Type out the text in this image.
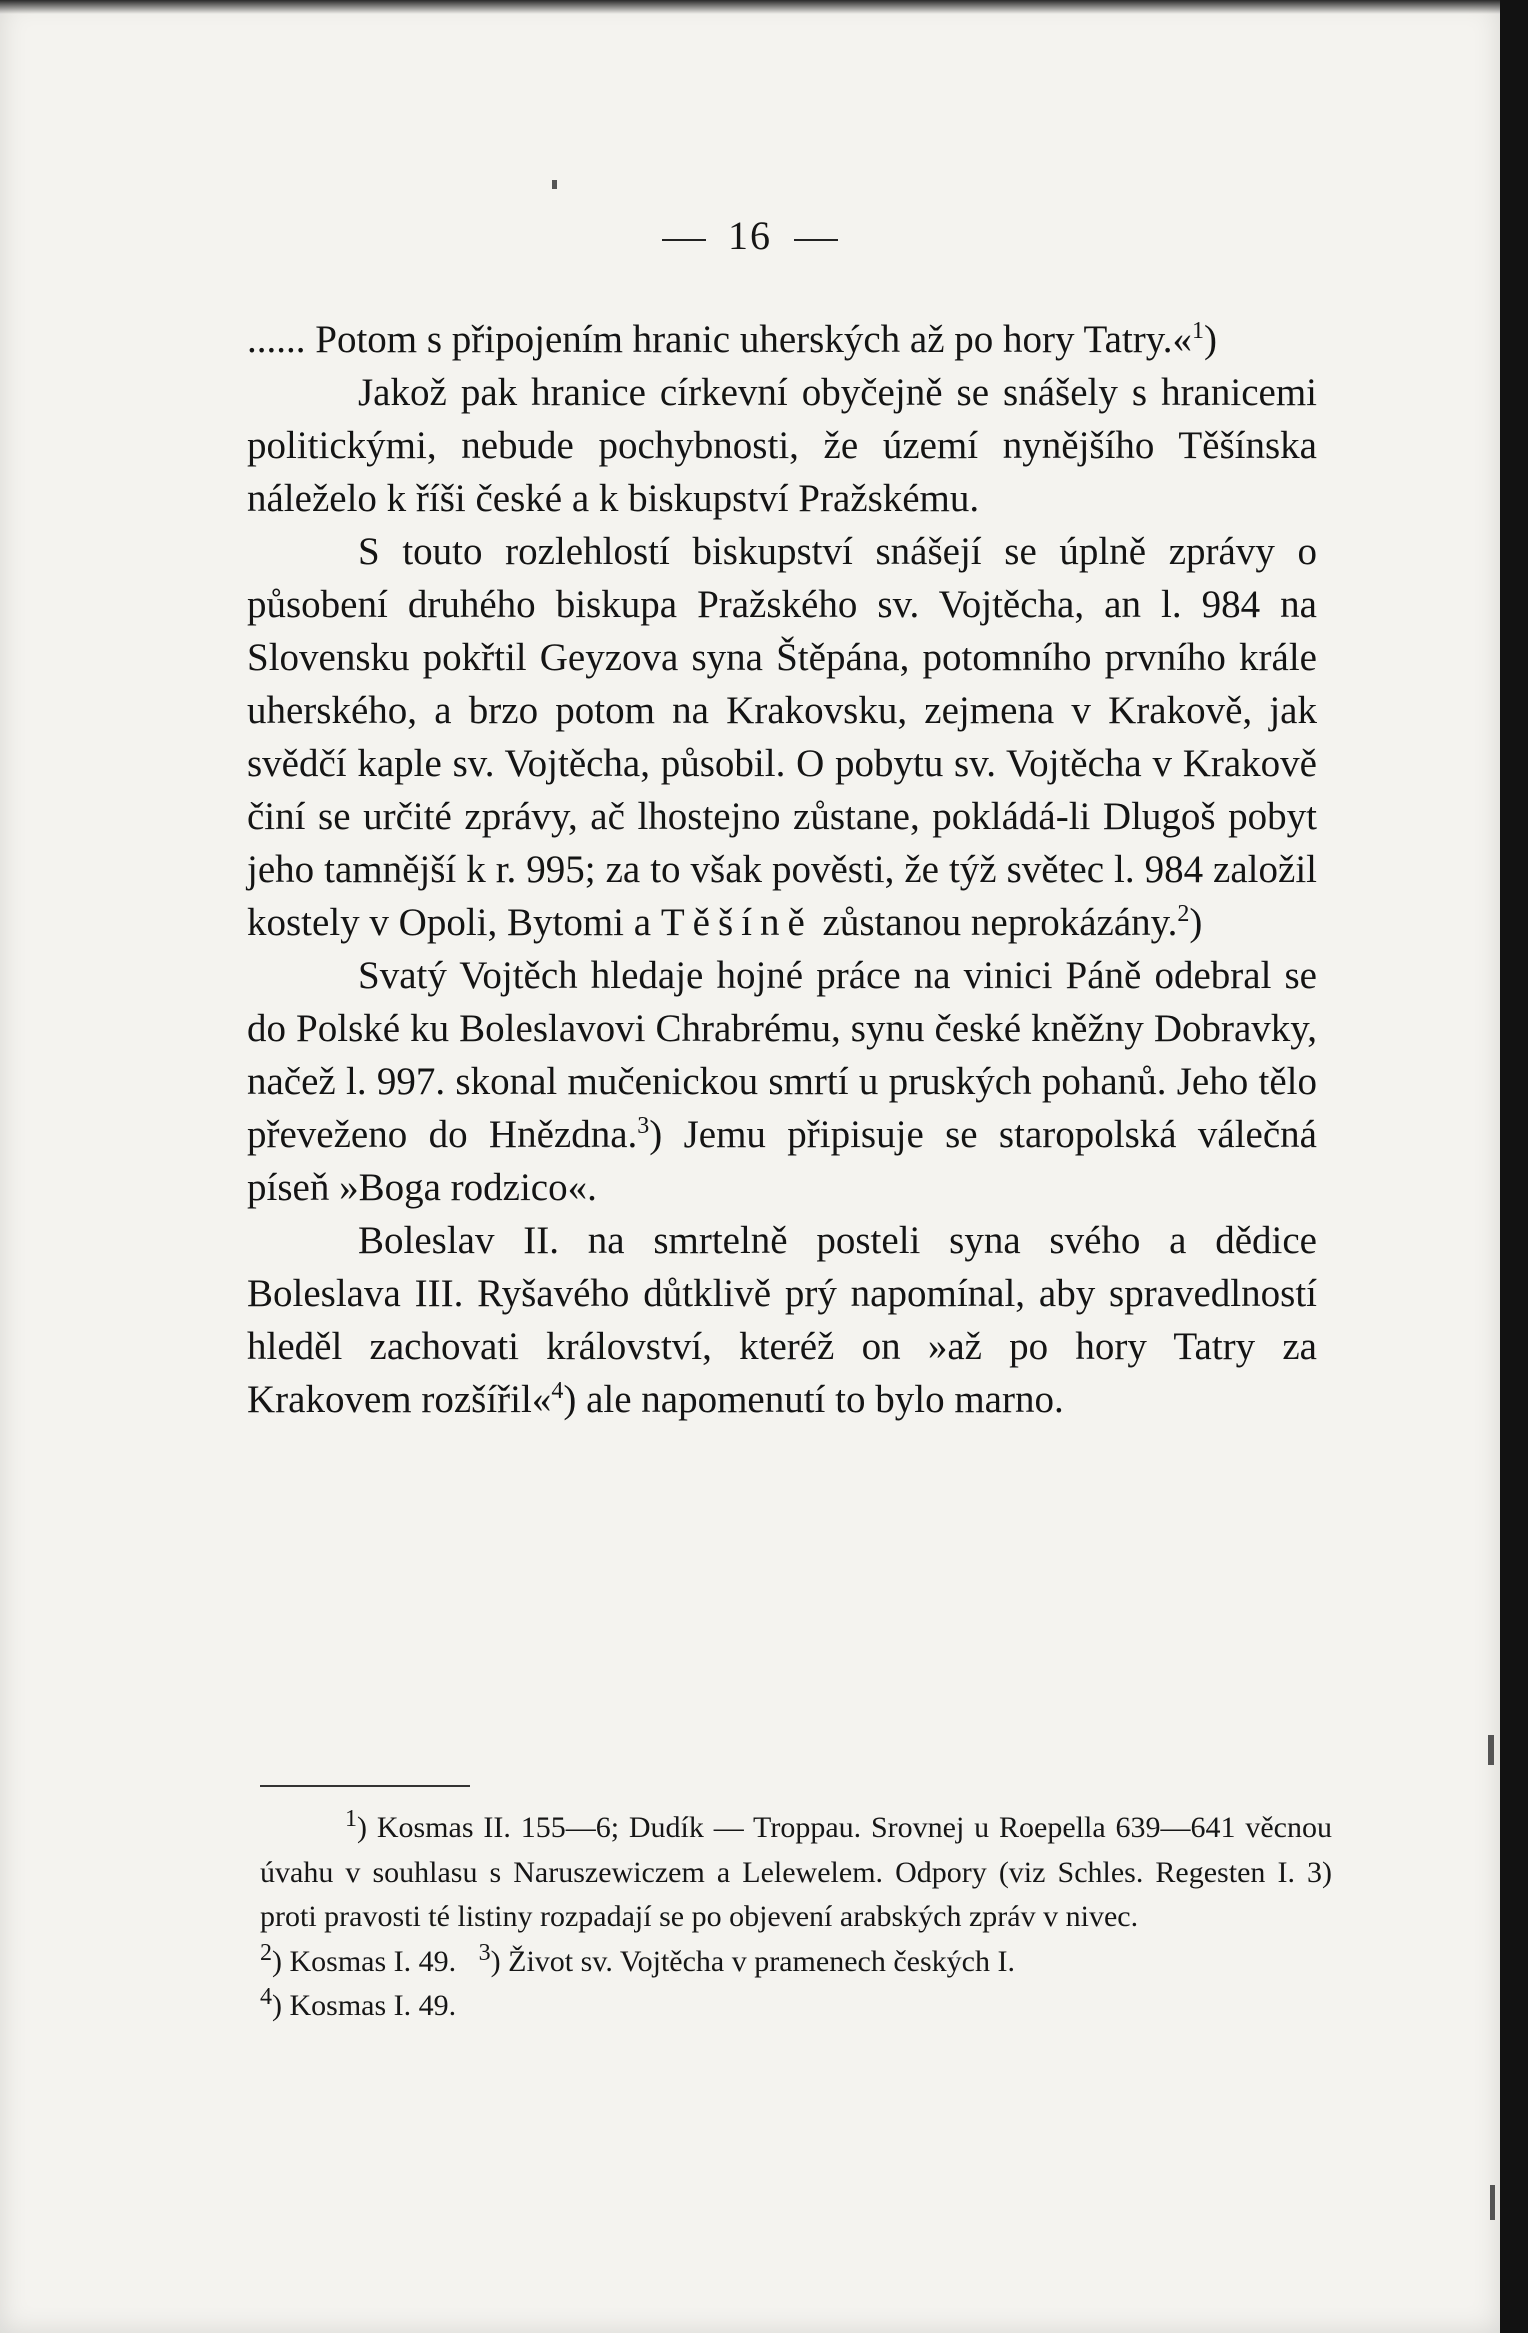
16

...... Potom s připojením hranic uherských až po hory Tatry.«$^1$)

Jakož pak hranice církevní obyčejně se snášely s hranicemi politickými, nebude pochybnosti, že území nynějšího Těšínska náleželo k říši české a k biskupství Pražskému.

S touto rozlehlostí biskupství snášejí se úplně zprávy o působení druhého biskupa Pražského sv. Vojtěcha, an l. 984 na Slovensku pokřtil Geyzova syna Štěpána, potomního prvního krále uherského, a brzo potom na Krakovsku, zejmena v Krakově, jak svědčí kaple sv. Vojtěcha, působil. O pobytu sv. Vojtěcha v Krakově činí se určité zprávy, ač lhostejno zůstane, pokládá-li Dlugoš pobyt jeho tamnější k r. 995; za to však pověsti, že týž světec l. 984 založil kostely v Opoli, Bytomi a Těšíně zůstanou neprokázány.$^2$)

Svatý Vojtěch hledaje hojné práce na vinici Páně odebral se do Polské ku Boleslavovi Chrabrému, synu české kněžny Dobravky, načež l. 997. skonal mučenickou smrtí u pruských pohanů. Jeho tělo převeženo do Hnězdna.$^3$) Jemu připisuje se staropolská válečná píseň »Boga rodzico«.

Boleslav II. na smrtelně posteli syna svého a dědice Boleslava III. Ryšavého důtklivě prý napomínal, aby spravedlností hleděl zachovati království, kteréž on »až po hory Tatry za Krakovem rozšířil«$^4$) ale napomenutí to bylo marno.

$^1$) Kosmas II. 155—6; Dudík — Troppau. Srovnej u Roepella 639—641 věcnou úvahu v souhlasu s Naruszewiczem a Lelewelem. Odpory (viz Schles. Regesten I. 3) proti pravosti té listiny rozpadají se po objevení arabských zpráv v nivec.

$^2$) Kosmas I. 49. $^3$) Život sv. Vojtěcha v pramenech českých I.

$^4$) Kosmas I. 49.
